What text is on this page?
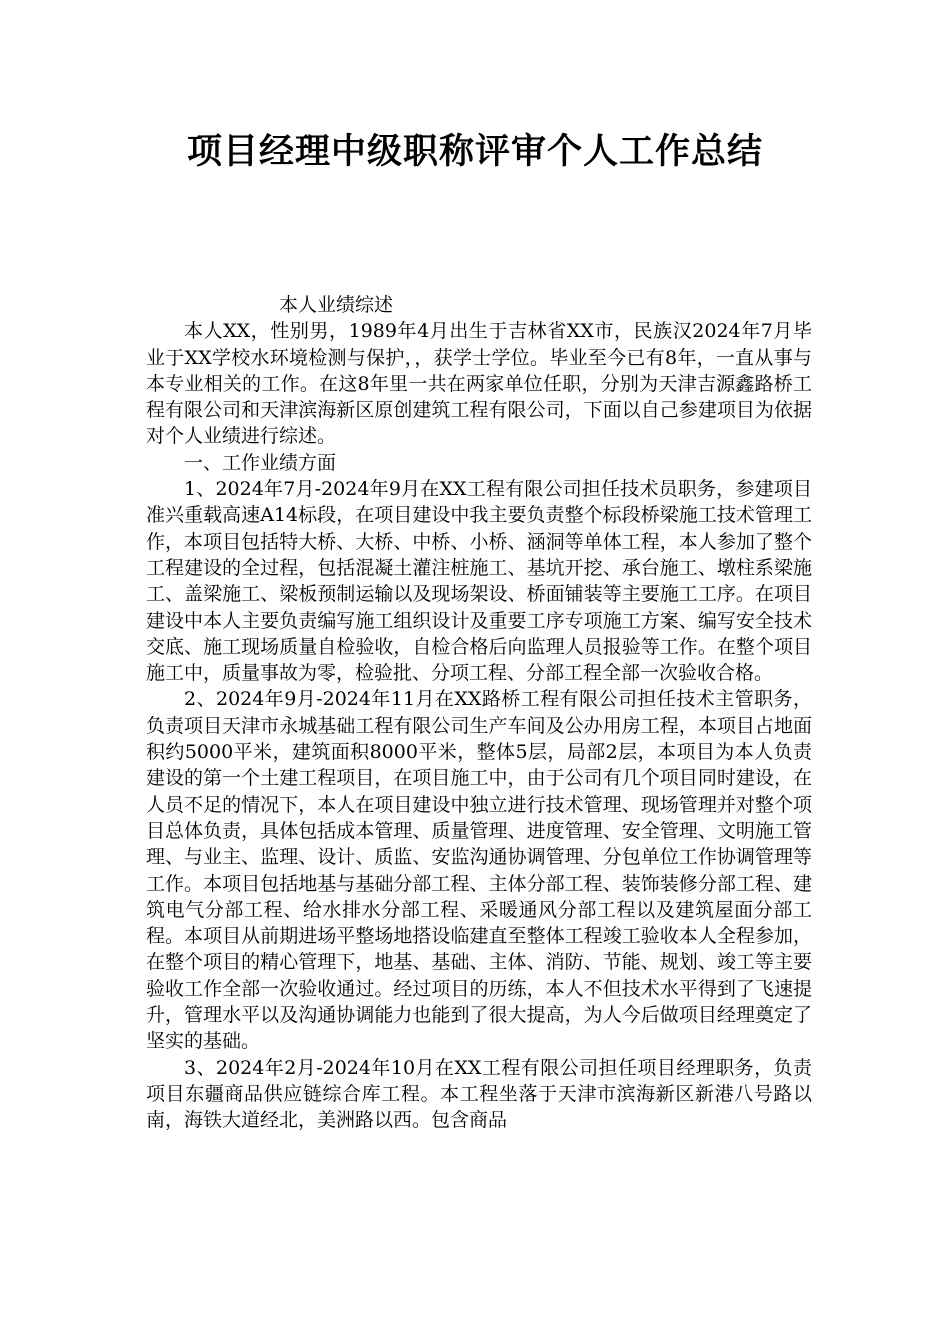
项目经理中级职称评审个人工作总结

本人业绩综述

本人XX，性别男，1989年4月出生于吉林省XX市，民族汉2024年7月毕业于XX学校水环境检测与保护，，获学士学位。毕业至今已有8年，一直从事与本专业相关的工作。在这8年里一共在两家单位任职，分别为天津吉源鑫路桥工程有限公司和天津滨海新区原创建筑工程有限公司，下面以自己参建项目为依据对个人业绩进行综述。

一、工作业绩方面

1、2024年7月-2024年9月在XX工程有限公司担任技术员职务，参建项目准兴重载高速A14标段，在项目建设中我主要负责整个标段桥梁施工技术管理工作，本项目包括特大桥、大桥、中桥、小桥、涵洞等单体工程，本人参加了整个工程建设的全过程，包括混凝土灌注桩施工、基坑开挖、承台施工、墩柱系梁施工、盖梁施工、梁板预制运输以及现场架设、桥面铺装等主要施工工序。在项目建设中本人主要负责编写施工组织设计及重要工序专项施工方案、编写安全技术交底、施工现场质量自检验收，自检合格后向监理人员报验等工作。在整个项目施工中，质量事故为零，检验批、分项工程、分部工程全部一次验收合格。

2、2024年9月-2024年11月在XX路桥工程有限公司担任技术主管职务，负责项目天津市永城基础工程有限公司生产车间及公办用房工程，本项目占地面积约5000平米，建筑面积8000平米，整体5层，局部2层，本项目为本人负责建设的第一个土建工程项目，在项目施工中，由于公司有几个项目同时建设，在人员不足的情况下，本人在项目建设中独立进行技术管理、现场管理并对整个项目总体负责，具体包括成本管理、质量管理、进度管理、安全管理、文明施工管理、与业主、监理、设计、质监、安监沟通协调管理、分包单位工作协调管理等工作。本项目包括地基与基础分部工程、主体分部工程、装饰装修分部工程、建筑电气分部工程、给水排水分部工程、采暖通风分部工程以及建筑屋面分部工程。本项目从前期进场平整场地搭设临建直至整体工程竣工验收本人全程参加，在整个项目的精心管理下，地基、基础、主体、消防、节能、规划、竣工等主要验收工作全部一次验收通过。经过项目的历练，本人不但技术水平得到了飞速提升，管理水平以及沟通协调能力也能到了很大提高，为人今后做项目经理奠定了坚实的基础。

3、2024年2月-2024年10月在XX工程有限公司担任项目经理职务，负责项目东疆商品供应链综合库工程。本工程坐落于天津市滨海新区新港八号路以南，海铁大道经北，美洲路以西。包含商品
